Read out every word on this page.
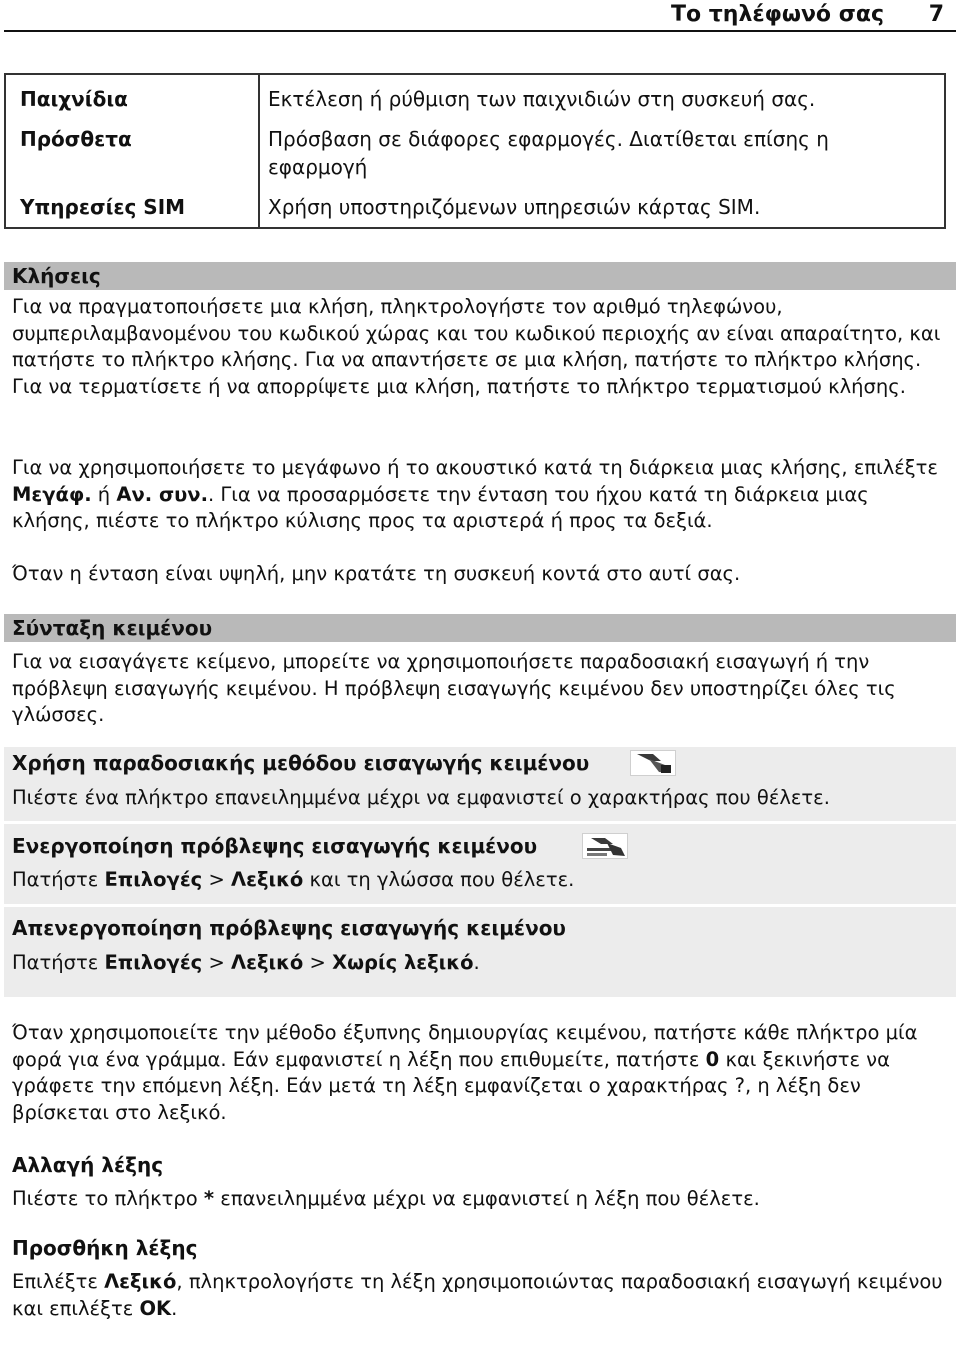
Το τηλέφωνό σας 7
Παιχνίδια	Εκτέλεση ή ρύθμιση των παιχνιδιών στη συσκευή σας.
Πρόσθετα	Πρόσβαση σε διάφορες εφαρμογές. Διατίθεται επίσης η εφαρμογή
Υπηρεσίες SIM	Χρήση υποστηριζόμενων υπηρεσιών κάρτας SIM.
Κλήσεις

Για να πραγματοποιήσετε μια κλήση, πληκτρολογήστε τον αριθμό τηλεφώνου, συμπεριλαμβανομένου του κωδικού χώρας και του κωδικού περιοχής αν είναι απαραίτητο, και πατήστε το πλήκτρο κλήσης. Για να απαντήσετε σε μια κλήση, πατήστε το πλήκτρο κλήσης. Για να τερματίσετε ή να απορρίψετε μια κλήση, πατήστε το πλήκτρο τερματισμού κλήσης.

Για να χρησιμοποιήσετε το μεγάφωνο ή το ακουστικό κατά τη διάρκεια μιας κλήσης, επιλέξτε Μεγάφ. ή Αν. συν.. Για να προσαρμόσετε την ένταση του ήχου κατά τη διάρκεια μιας κλήσης, πιέστε το πλήκτρο κύλισης προς τα αριστερά ή προς τα δεξιά.

Όταν η ένταση είναι υψηλή, μην κρατάτε τη συσκευή κοντά στο αυτί σας.

Σύνταξη κειμένου

Για να εισαγάγετε κείμενο, μπορείτε να χρησιμοποιήσετε παραδοσιακή εισαγωγή ή την πρόβλεψη εισαγωγής κειμένου. Η πρόβλεψη εισαγωγής κειμένου δεν υποστηρίζει όλες τις γλώσσες.

Χρήση παραδοσιακής μεθόδου εισαγωγής κειμένου
Πιέστε ένα πλήκτρο επανειλημμένα μέχρι να εμφανιστεί ο χαρακτήρας που θέλετε.
Ενεργοποίηση πρόβλεψης εισαγωγής κειμένου
Πατήστε Επιλογές > Λεξικό και τη γλώσσα που θέλετε.
Απενεργοποίηση πρόβλεψης εισαγωγής κειμένου
Πατήστε Επιλογές > Λεξικό > Χωρίς λεξικό.

Όταν χρησιμοποιείτε την μέθοδο έξυπνης δημιουργίας κειμένου, πατήστε κάθε πλήκτρο μία φορά για ένα γράμμα. Εάν εμφανιστεί η λέξη που επιθυμείτε, πατήστε 0 και ξεκινήστε να γράφετε την επόμενη λέξη. Εάν μετά τη λέξη εμφανίζεται ο χαρακτήρας ?, η λέξη δεν βρίσκεται στο λεξικό.

Αλλαγή λέξης

Πιέστε το πλήκτρο * επανειλημμένα μέχρι να εμφανιστεί η λέξη που θέλετε.

Προσθήκη λέξης

Επιλέξτε Λεξικό, πληκτρολογήστε τη λέξη χρησιμοποιώντας παραδοσιακή εισαγωγή κειμένου και επιλέξτε OK.
